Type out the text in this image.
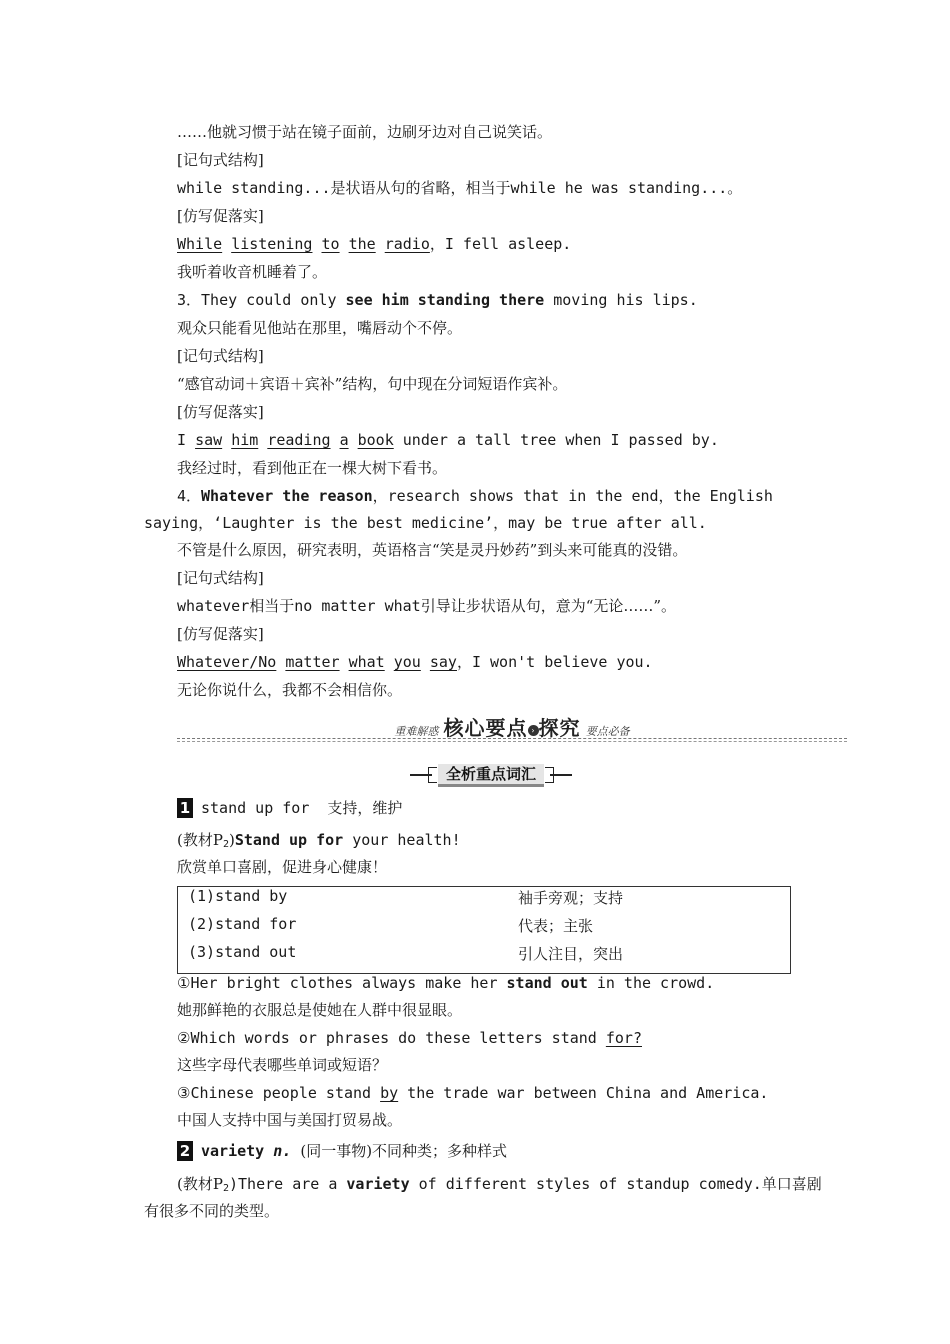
……他就习惯于站在镜子面前，边刷牙边对自己说笑话。
[记句式结构]
while standing...是状语从句的省略，相当于while he was standing...。
[仿写促落实]
While listening to the radio，I fell asleep.
我听着收音机睡着了。
3．They could only see him standing there moving his lips.
观众只能看见他站在那里，嘴唇动个不停。
[记句式结构]
“感官动词＋宾语＋宾补”结构，句中现在分词短语作宾补。
[仿写促落实]
I saw him reading a book under a tall tree when I passed by.
我经过时，看到他正在一棵大树下看书。
4．Whatever the reason，research shows that in the end，the English
saying，‘Laughter is the best medicine’，may be true after all.
不管是什么原因，研究表明，英语格言“笑是灵丹妙药”到头来可能真的没错。
[记句式结构]
whatever相当于no matter what引导让步状语从句，意为“无论……”。
[仿写促落实]
Whatever/No matter what you say，I won't believe you.
无论你说什么，我都不会相信你。
重难解惑 核心要点 › 探究 要点必备
全析重点词汇
1 stand up for 支持，维护
(教材$P_2)Stand$ up for your health!
欣赏单口喜剧，促进身心健康！
(1)stand by	袖手旁观；支持
(2)stand for	代表；主张
(3)stand out	引人注目，突出
①Her bright clothes always make her stand out in the crowd.
她那鲜艳的衣服总是使她在人群中很显眼。
②Which words or phrases do these letters stand for?
这些字母代表哪些单词或短语？
③Chinese people stand by the trade war between China and America.
中国人支持中国与美国打贸易战。
2 variety n. (同一事物)不同种类；多种样式
(教材$P_2)There$ are a variety of different styles of standup comedy.单口喜剧
有很多不同的类型。
